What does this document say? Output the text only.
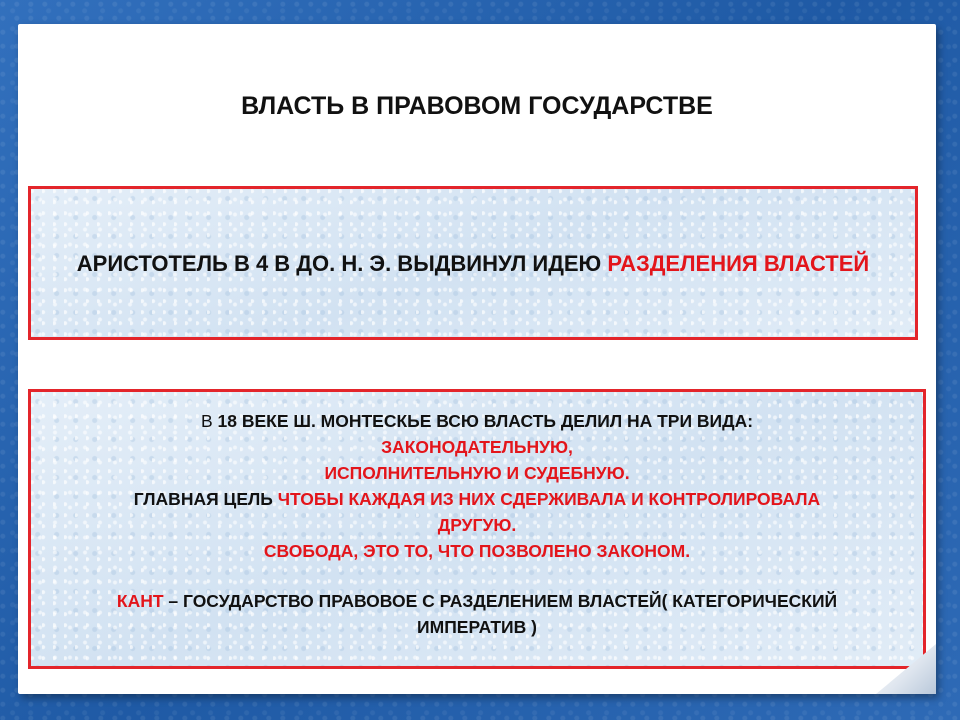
ВЛАСТЬ В ПРАВОВОМ ГОСУДАРСТВЕ
АРИСТОТЕЛЬ В 4 В ДО. Н. Э. ВЫДВИНУЛ ИДЕЮ РАЗДЕЛЕНИЯ ВЛАСТЕЙ
В 18 ВЕКЕ Ш. МОНТЕСКЬЕ ВСЮ ВЛАСТЬ ДЕЛИЛ НА ТРИ ВИДА:
ЗАКОНОДАТЕЛЬНУЮ,
ИСПОЛНИТЕЛЬНУЮ И СУДЕБНУЮ.
ГЛАВНАЯ ЦЕЛЬ ЧТОБЫ КАЖДАЯ ИЗ НИХ СДЕРЖИВАЛА И КОНТРОЛИРОВАЛА
ДРУГУЮ.
СВОБОДА, ЭТО ТО, ЧТО ПОЗВОЛЕНО ЗАКОНОМ.
КАНТ – ГОСУДАРСТВО ПРАВОВОЕ С РАЗДЕЛЕНИЕМ ВЛАСТЕЙ( КАТЕГОРИЧЕСКИЙ
ИМПЕРАТИВ )
